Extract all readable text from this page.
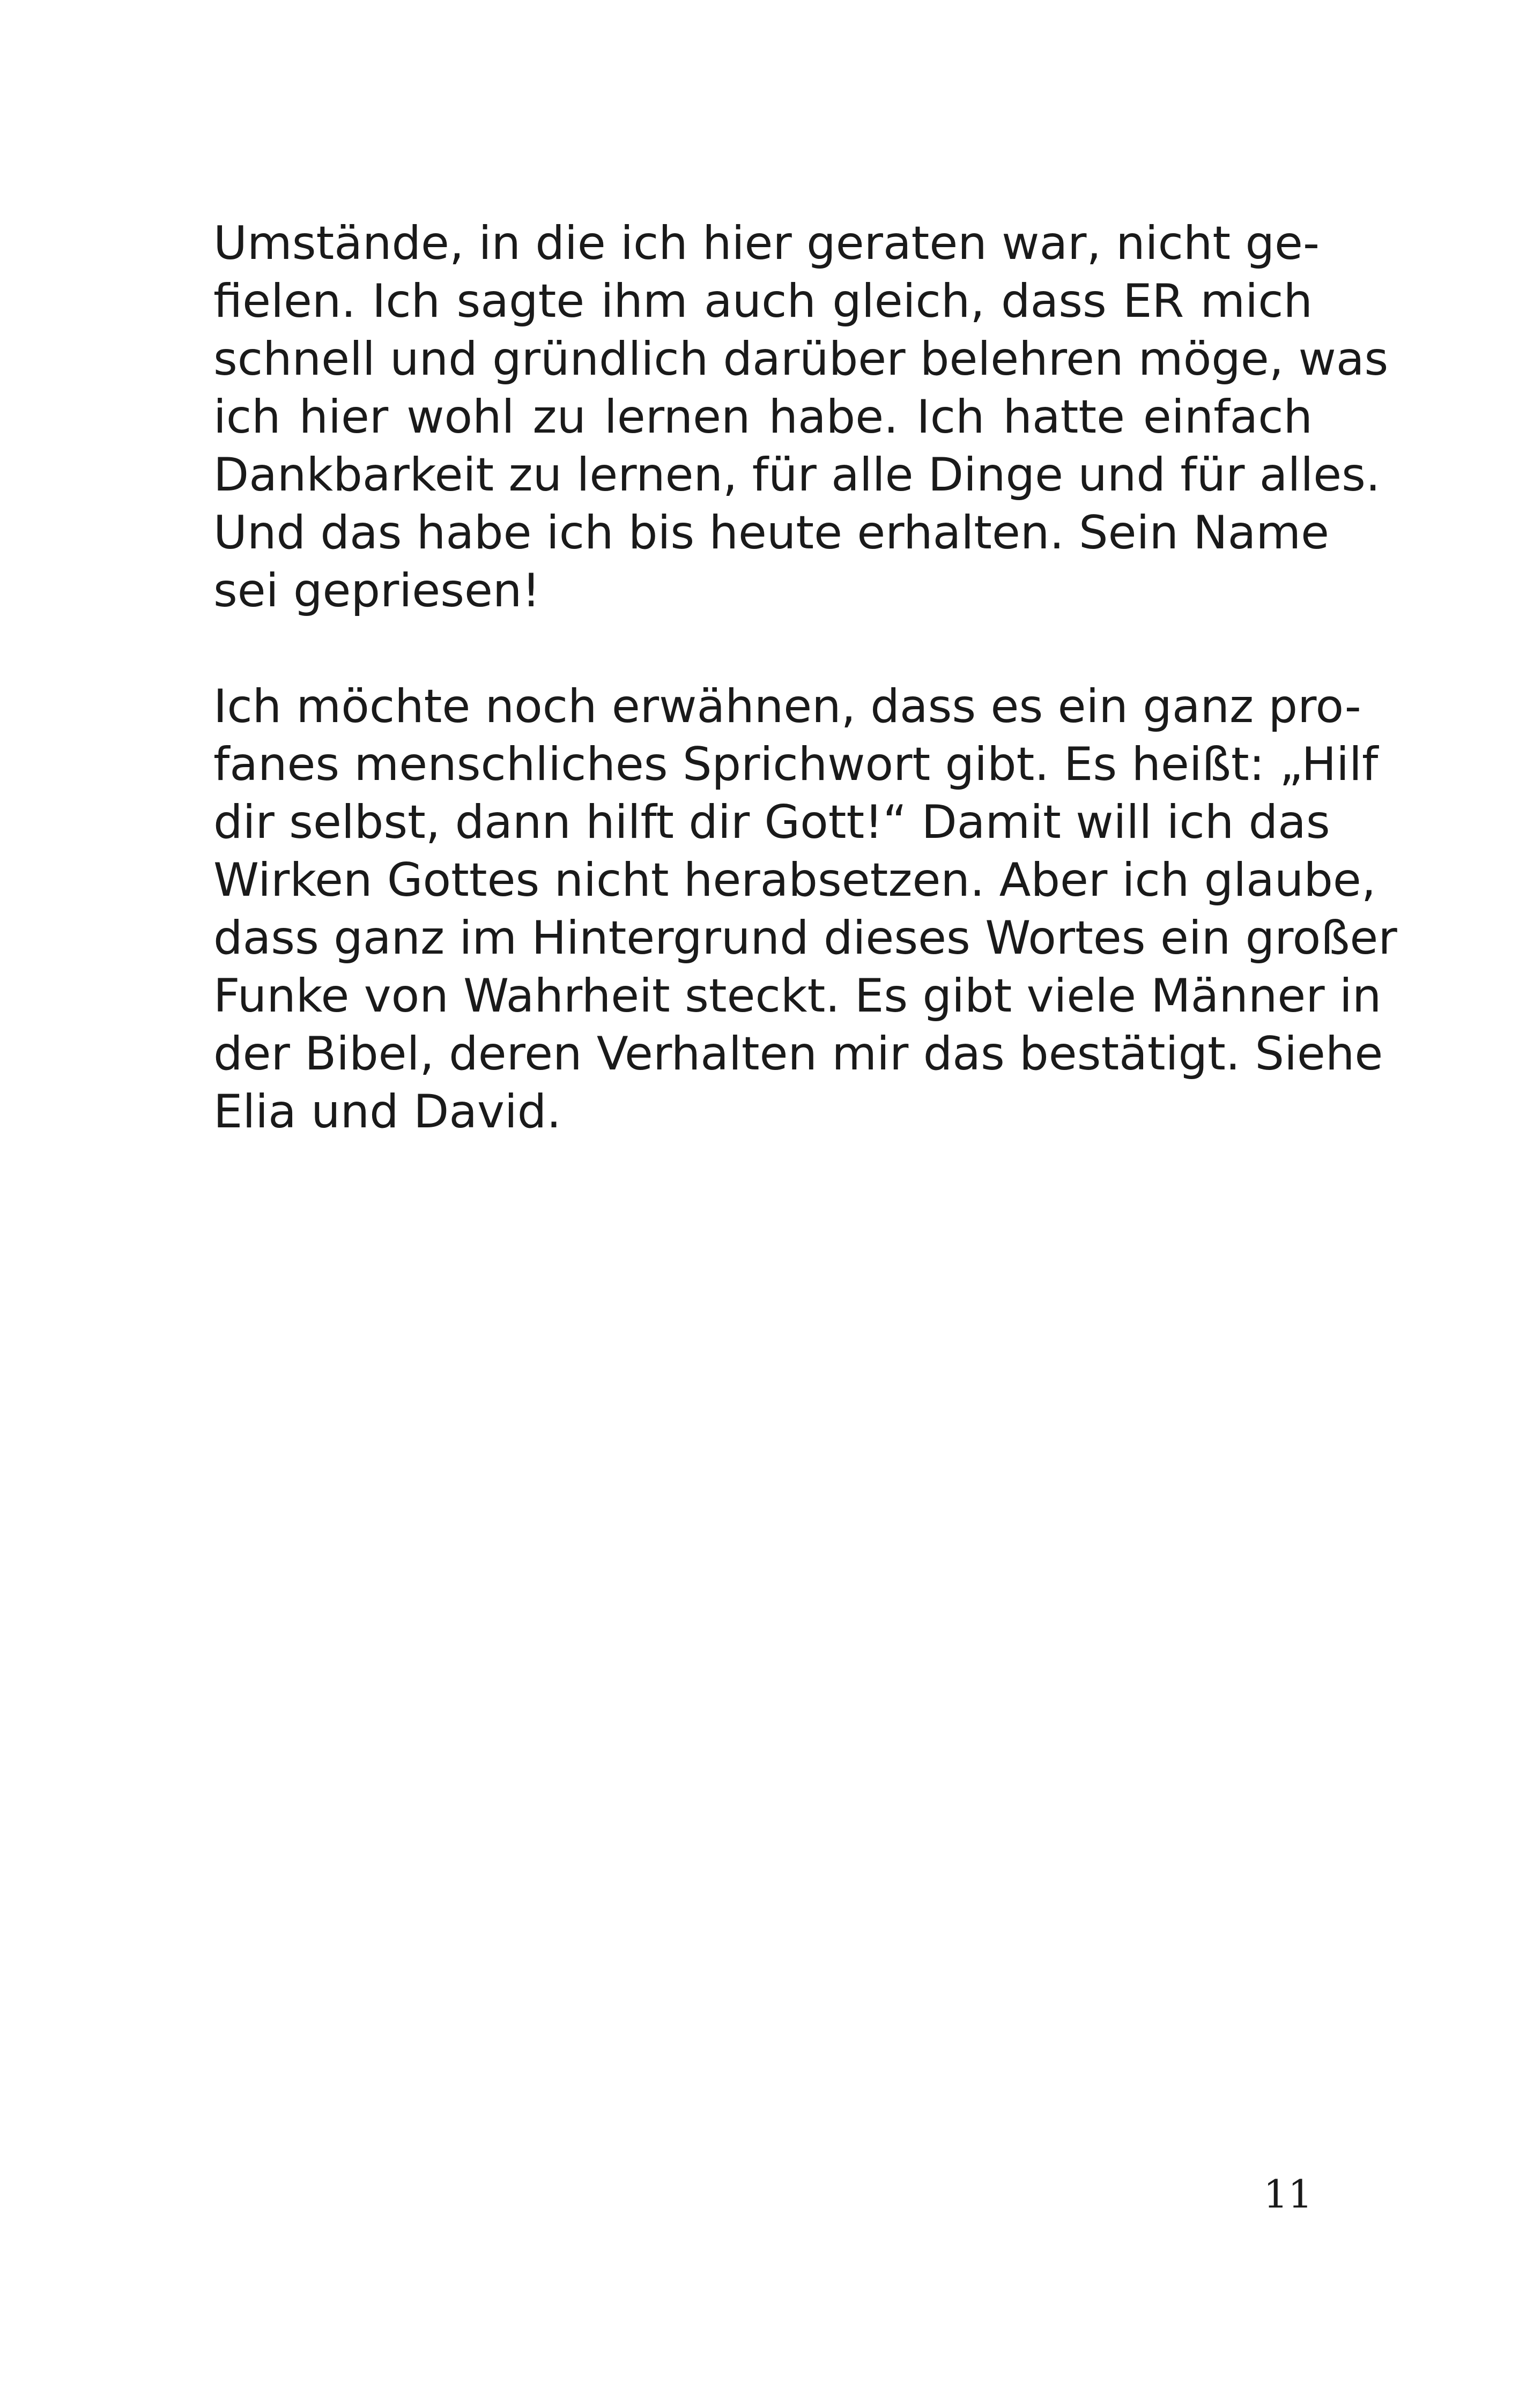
Umstände, in die ich hier geraten war, nicht ge-
fielen. Ich sagte ihm auch gleich, dass ER mich
schnell und gründlich darüber belehren möge, was
ich hier wohl zu lernen habe. Ich hatte einfach
Dankbarkeit zu lernen, für alle Dinge und für alles.
Und das habe ich bis heute erhalten. Sein Name
sei gepriesen!
Ich möchte noch erwähnen, dass es ein ganz pro-
fanes menschliches Sprichwort gibt. Es heißt: „Hilf
dir selbst, dann hilft dir Gott!“ Damit will ich das
Wirken Gottes nicht herabsetzen. Aber ich glaube,
dass ganz im Hintergrund dieses Wortes ein großer
Funke von Wahrheit steckt. Es gibt viele Männer in
der Bibel, deren Verhalten mir das bestätigt. Siehe
Elia und David.
11
